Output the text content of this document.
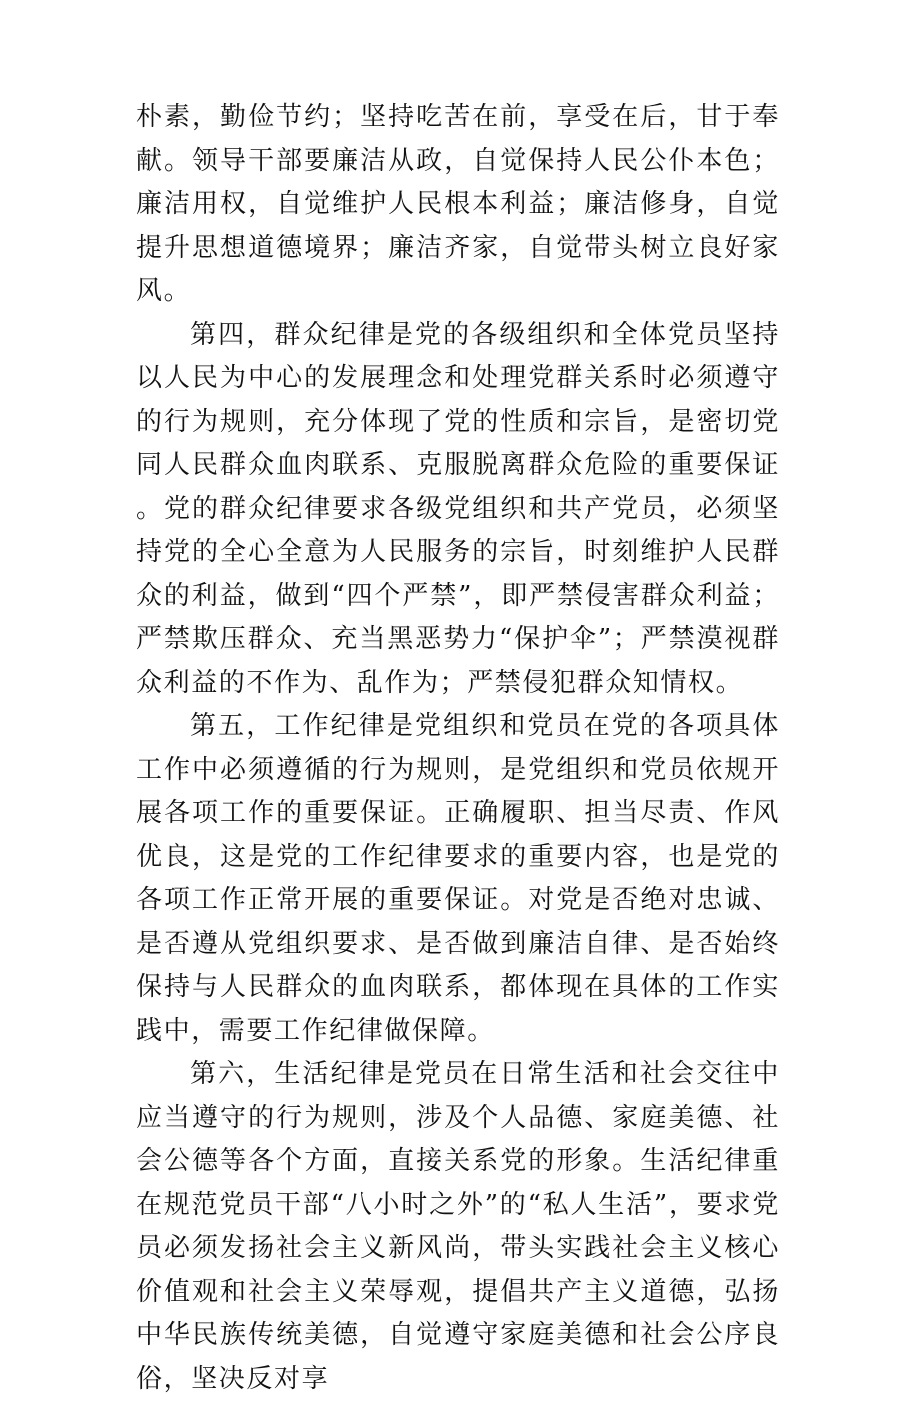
朴素，勤俭节约；坚持吃苦在前，享受在后，甘于奉献。领导干部要廉洁从政，自觉保持人民公仆本色；廉洁用权，自觉维护人民根本利益；廉洁修身，自觉提升思想道德境界；廉洁齐家，自觉带头树立良好家风。

第四，群众纪律是党的各级组织和全体党员坚持以人民为中心的发展理念和处理党群关系时必须遵守的行为规则，充分体现了党的性质和宗旨，是密切党同人民群众血肉联系、克服脱离群众危险的重要保证。党的群众纪律要求各级党组织和共产党员，必须坚持党的全心全意为人民服务的宗旨，时刻维护人民群众的利益，做到“四个严禁”，即严禁侵害群众利益；严禁欺压群众、充当黑恶势力“保护伞”；严禁漠视群众利益的不作为、乱作为；严禁侵犯群众知情权。

第五，工作纪律是党组织和党员在党的各项具体工作中必须遵循的行为规则，是党组织和党员依规开展各项工作的重要保证。正确履职、担当尽责、作风优良，这是党的工作纪律要求的重要内容，也是党的各项工作正常开展的重要保证。对党是否绝对忠诚、是否遵从党组织要求、是否做到廉洁自律、是否始终保持与人民群众的血肉联系，都体现在具体的工作实践中，需要工作纪律做保障。

第六，生活纪律是党员在日常生活和社会交往中应当遵守的行为规则，涉及个人品德、家庭美德、社会公德等各个方面，直接关系党的形象。生活纪律重在规范党员干部“八小时之外”的“私人生活”，要求党员必须发扬社会主义新风尚，带头实践社会主义核心价值观和社会主义荣辱观，提倡共产主义道德，弘扬中华民族传统美德，自觉遵守家庭美德和社会公序良俗，坚决反对享
